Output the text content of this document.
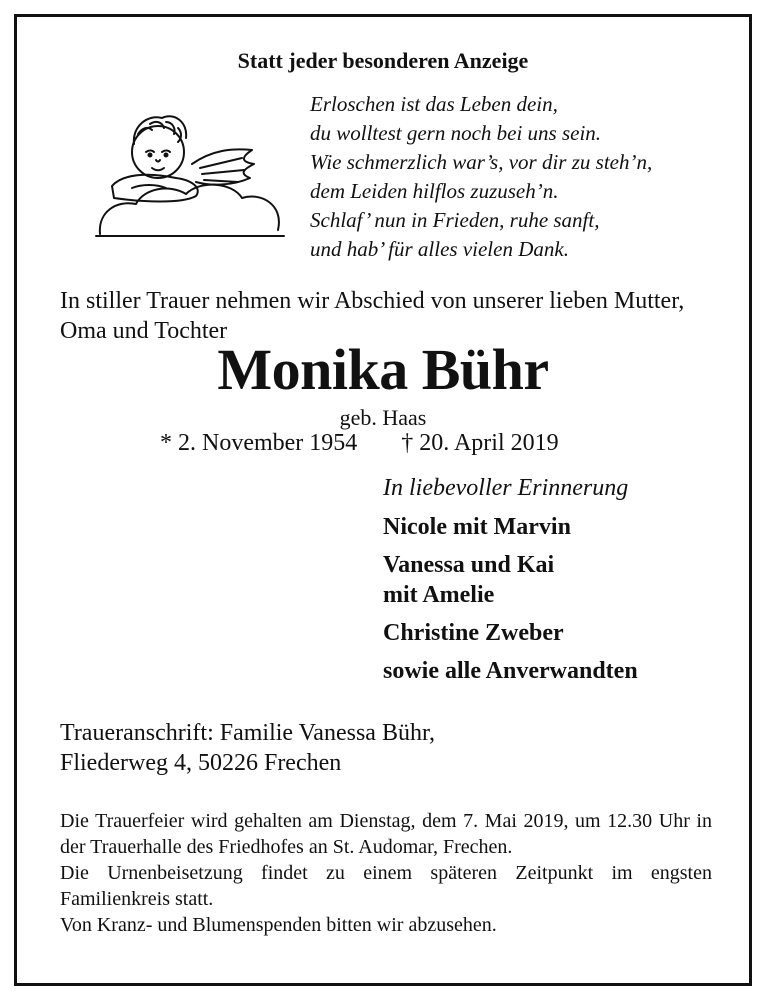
Statt jeder besonderen Anzeige
Erloschen ist das Leben dein,
du wolltest gern noch bei uns sein.
Wie schmerzlich war’s, vor dir zu steh’n,
dem Leiden hilflos zuzuseh’n.
Schlaf’ nun in Frieden, ruhe sanft,
und hab’ für alles vielen Dank.
In stiller Trauer nehmen wir Abschied von unserer lieben Mutter, Oma und Tochter
Monika Bühr
geb. Haas
* 2. November 1954 † 20. April 2019
In liebevoller Erinnerung
Nicole mit Marvin
Vanessa und Kai
mit Amelie
Christine Zweber
sowie alle Anverwandten
Traueranschrift: Familie Vanessa Bühr,
Fliederweg 4, 50226 Frechen

Die Trauerfeier wird gehalten am Dienstag, dem 7. Mai 2019, um 12.30 Uhr in der Trauerhalle des Friedhofes an St. Audomar, Frechen.

Die Urnenbeisetzung findet zu einem späteren Zeitpunkt im engsten Familienkreis statt.

Von Kranz- und Blumenspenden bitten wir abzusehen.
